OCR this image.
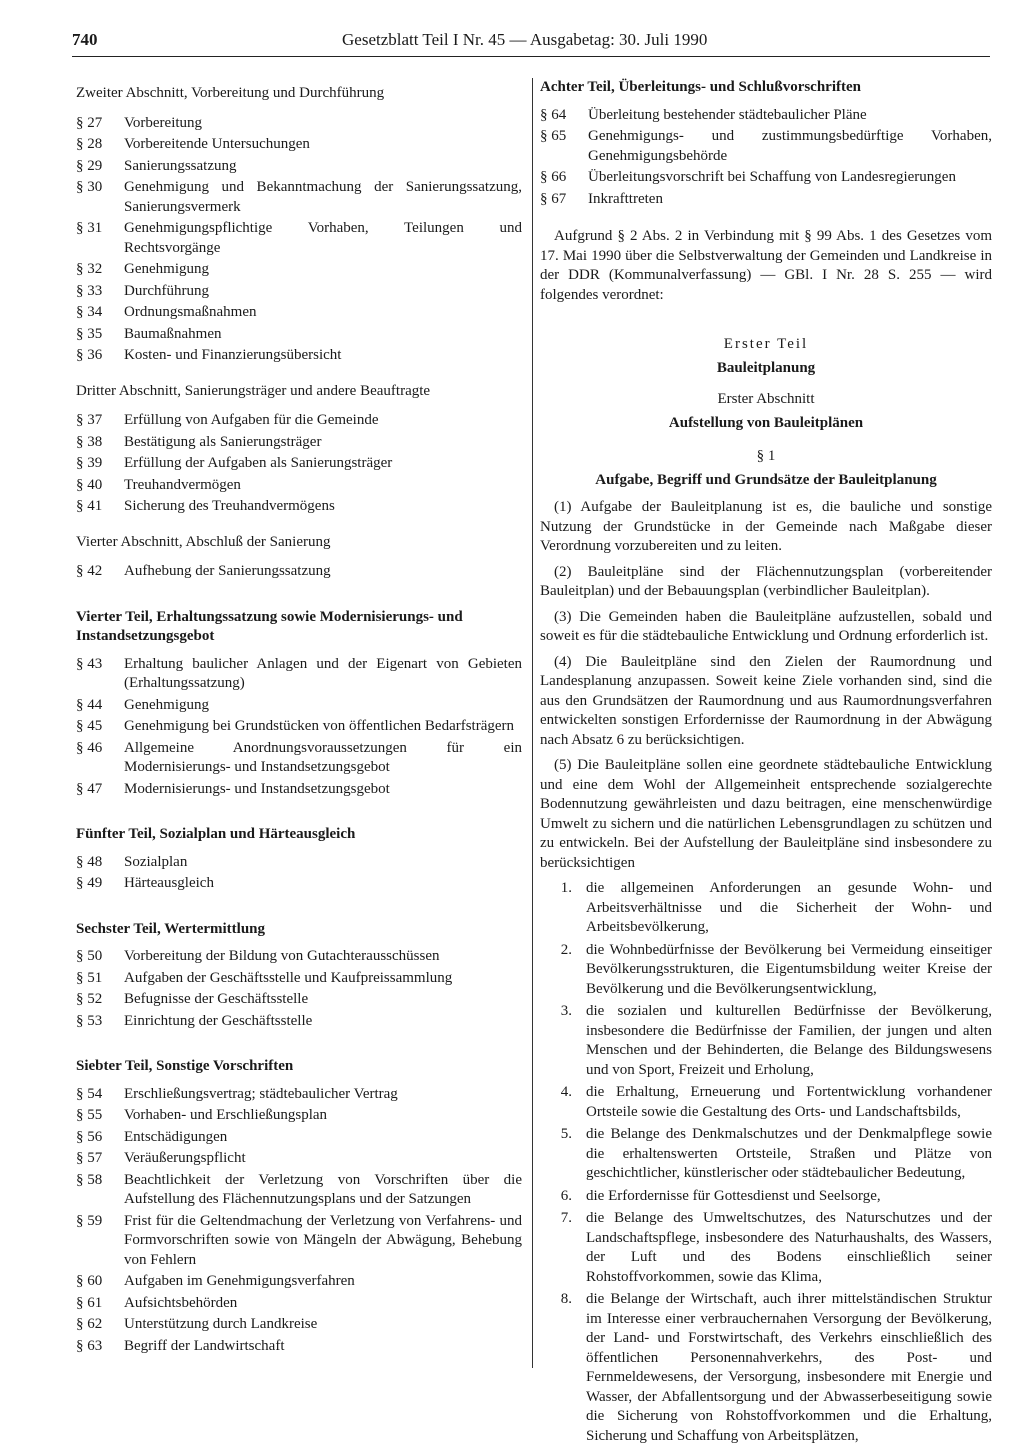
740	Gesetzblatt Teil I Nr. 45 — Ausgabetag: 30. Juli 1990
Zweiter Abschnitt, Vorbereitung und Durchführung
§ 27	Vorbereitung
§ 28	Vorbereitende Untersuchungen
§ 29	Sanierungssatzung
§ 30	Genehmigung und Bekanntmachung der Sanierungssatzung, Sanierungsvermerk
§ 31	Genehmigungspflichtige Vorhaben, Teilungen und Rechtsvorgänge
§ 32	Genehmigung
§ 33	Durchführung
§ 34	Ordnungsmaßnahmen
§ 35	Baumaßnahmen
§ 36	Kosten- und Finanzierungsübersicht
Dritter Abschnitt, Sanierungsträger und andere Beauftragte
§ 37	Erfüllung von Aufgaben für die Gemeinde
§ 38	Bestätigung als Sanierungsträger
§ 39	Erfüllung der Aufgaben als Sanierungsträger
§ 40	Treuhandvermögen
§ 41	Sicherung des Treuhandvermögens
Vierter Abschnitt, Abschluß der Sanierung
§ 42	Aufhebung der Sanierungssatzung
Vierter Teil, Erhaltungssatzung sowie Modernisierungs- und Instandsetzungsgebot
§ 43	Erhaltung baulicher Anlagen und der Eigenart von Gebieten (Erhaltungssatzung)
§ 44	Genehmigung
§ 45	Genehmigung bei Grundstücken von öffentlichen Bedarfsträgern
§ 46	Allgemeine Anordnungsvoraussetzungen für ein Modernisierungs- und Instandsetzungsgebot
§ 47	Modernisierungs- und Instandsetzungsgebot
Fünfter Teil, Sozialplan und Härteausgleich
§ 48	Sozialplan
§ 49	Härteausgleich
Sechster Teil, Wertermittlung
§ 50	Vorbereitung der Bildung von Gutachterausschüssen
§ 51	Aufgaben der Geschäftsstelle und Kaufpreissammlung
§ 52	Befugnisse der Geschäftsstelle
§ 53	Einrichtung der Geschäftsstelle
Siebter Teil, Sonstige Vorschriften
§ 54	Erschließungsvertrag; städtebaulicher Vertrag
§ 55	Vorhaben- und Erschließungsplan
§ 56	Entschädigungen
§ 57	Veräußerungspflicht
§ 58	Beachtlichkeit der Verletzung von Vorschriften über die Aufstellung des Flächennutzungsplans und der Satzungen
§ 59	Frist für die Geltendmachung der Verletzung von Verfahrens- und Formvorschriften sowie von Mängeln der Abwägung, Behebung von Fehlern
§ 60	Aufgaben im Genehmigungsverfahren
§ 61	Aufsichtsbehörden
§ 62	Unterstützung durch Landkreise
§ 63	Begriff der Landwirtschaft
Achter Teil, Überleitungs- und Schlußvorschriften
§ 64	Überleitung bestehender städtebaulicher Pläne
§ 65	Genehmigungs- und zustimmungsbedürftige Vorhaben, Genehmigungsbehörde
§ 66	Überleitungsvorschrift bei Schaffung von Landesregierungen
§ 67	Inkrafttreten

Aufgrund § 2 Abs. 2 in Verbindung mit § 99 Abs. 1 des Gesetzes vom 17. Mai 1990 über die Selbstverwaltung der Gemeinden und Landkreise in der DDR (Kommunalverfassung) — GBl. I Nr. 28 S. 255 — wird folgendes verordnet:

Erster Teil
Bauleitplanung
Erster Abschnitt
Aufstellung von Bauleitplänen
§ 1
Aufgabe, Begriff und Grundsätze der Bauleitplanung

(1) Aufgabe der Bauleitplanung ist es, die bauliche und sonstige Nutzung der Grundstücke in der Gemeinde nach Maßgabe dieser Verordnung vorzubereiten und zu leiten.

(2) Bauleitpläne sind der Flächennutzungsplan (vorbereitender Bauleitplan) und der Bebauungsplan (verbindlicher Bauleitplan).

(3) Die Gemeinden haben die Bauleitpläne aufzustellen, sobald und soweit es für die städtebauliche Entwicklung und Ordnung erforderlich ist.

(4) Die Bauleitpläne sind den Zielen der Raumordnung und Landesplanung anzupassen. Soweit keine Ziele vorhanden sind, sind die aus den Grundsätzen der Raumordnung und aus Raumordnungsverfahren entwickelten sonstigen Erfordernisse der Raumordnung in der Abwägung nach Absatz 6 zu berücksichtigen.

(5) Die Bauleitpläne sollen eine geordnete städtebauliche Entwicklung und eine dem Wohl der Allgemeinheit entsprechende sozialgerechte Bodennutzung gewährleisten und dazu beitragen, eine menschenwürdige Umwelt zu sichern und die natürlichen Lebensgrundlagen zu schützen und zu entwickeln. Bei der Aufstellung der Bauleitpläne sind insbesondere zu berücksichtigen

1. die allgemeinen Anforderungen an gesunde Wohn- und Arbeitsverhältnisse und die Sicherheit der Wohn- und Arbeitsbevölkerung,
2. die Wohnbedürfnisse der Bevölkerung bei Vermeidung einseitiger Bevölkerungsstrukturen, die Eigentumsbildung weiter Kreise der Bevölkerung und die Bevölkerungsentwicklung,
3. die sozialen und kulturellen Bedürfnisse der Bevölkerung, insbesondere die Bedürfnisse der Familien, der jungen und alten Menschen und der Behinderten, die Belange des Bildungswesens und von Sport, Freizeit und Erholung,
4. die Erhaltung, Erneuerung und Fortentwicklung vorhandener Ortsteile sowie die Gestaltung des Orts- und Landschaftsbilds,
5. die Belange des Denkmalschutzes und der Denkmalpflege sowie die erhaltenswerten Ortsteile, Straßen und Plätze von geschichtlicher, künstlerischer oder städtebaulicher Bedeutung,
6. die Erfordernisse für Gottesdienst und Seelsorge,
7. die Belange des Umweltschutzes, des Naturschutzes und der Landschaftspflege, insbesondere des Naturhaushalts, des Wassers, der Luft und des Bodens einschließlich seiner Rohstoffvorkommen, sowie das Klima,
8. die Belange der Wirtschaft, auch ihrer mittelständischen Struktur im Interesse einer verbrauchernahen Versorgung der Bevölkerung, der Land- und Forstwirtschaft, des Verkehrs einschließlich des öffentlichen Personennahverkehrs, des Post- und Fernmeldewesens, der Versorgung, insbesondere mit Energie und Wasser, der Abfallentsorgung und der Abwasserbeseitigung sowie die Sicherung von Rohstoffvorkommen und die Erhaltung, Sicherung und Schaffung von Arbeitsplätzen,
